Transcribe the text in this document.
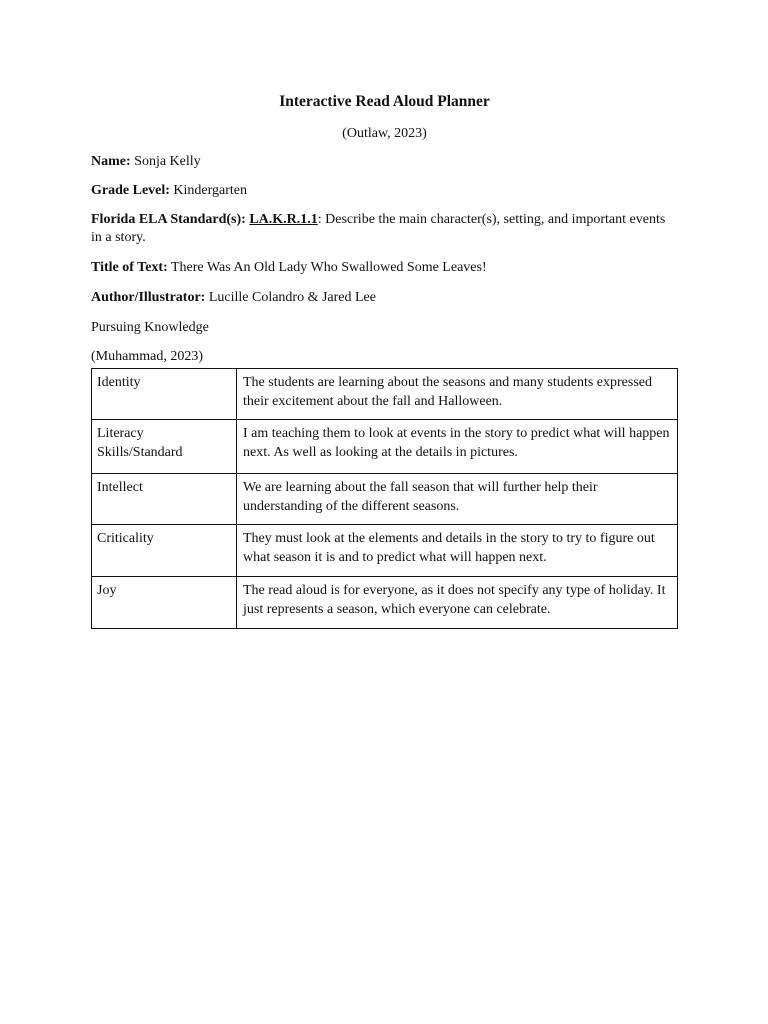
Interactive Read Aloud Planner
(Outlaw, 2023)
Name: Sonja Kelly
Grade Level: Kindergarten
Florida ELA Standard(s): LA.K.R.1.1: Describe the main character(s), setting, and important events in a story.
Title of Text: There Was An Old Lady Who Swallowed Some Leaves!
Author/Illustrator: Lucille Colandro & Jared Lee
Pursuing Knowledge
(Muhammad, 2023)
Identity	The students are learning about the seasons and many students expressed their excitement about the fall and Halloween.
Literacy Skills/Standard	I am teaching them to look at events in the story to predict what will happen next. As well as looking at the details in pictures.
Intellect	We are learning about the fall season that will further help their understanding of the different seasons.
Criticality	They must look at the elements and details in the story to try to figure out what season it is and to predict what will happen next.
Joy	The read aloud is for everyone, as it does not specify any type of holiday. It just represents a season, which everyone can celebrate.
